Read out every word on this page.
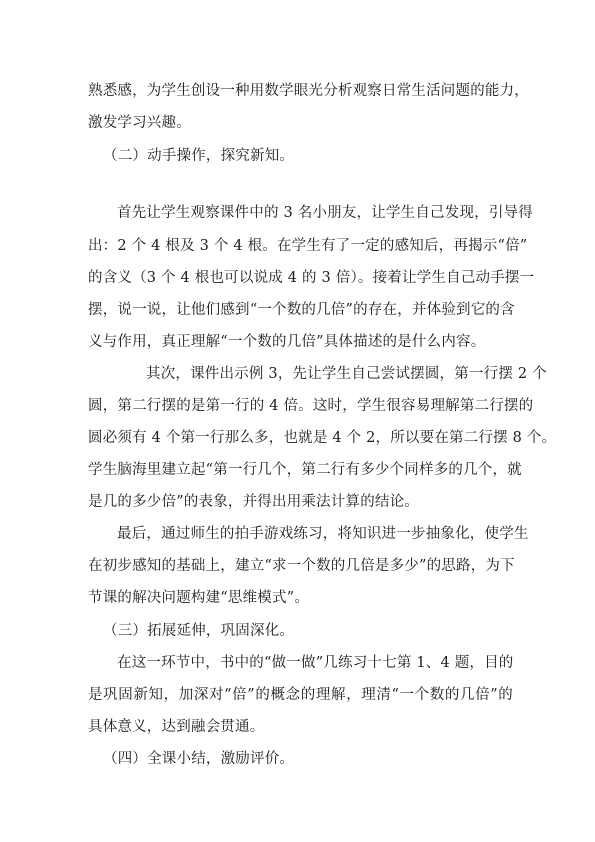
熟悉感，为学生创设一种用数学眼光分析观察日常生活问题的能力，
激发学习兴趣。
（二）动手操作，探究新知。
首先让学生观察课件中的 3 名小朋友，让学生自己发现，引导得
出：2 个 4 根及 3 个 4 根。在学生有了一定的感知后，再揭示“倍”
的含义（3 个 4 根也可以说成 4 的 3 倍）。接着让学生自己动手摆一
摆，说一说，让他们感到“一个数的几倍”的存在，并体验到它的含
义与作用，真正理解“一个数的几倍”具体描述的是什么内容。
其次，课件出示例 3，先让学生自己尝试摆圆，第一行摆 2 个
圆，第二行摆的是第一行的 4 倍。这时，学生很容易理解第二行摆的
圆必须有 4 个第一行那么多，也就是 4 个 2，所以要在第二行摆 8 个。
学生脑海里建立起“第一行几个，第二行有多少个同样多的几个，就
是几的多少倍”的表象，并得出用乘法计算的结论。
最后，通过师生的拍手游戏练习，将知识进一步抽象化，使学生
在初步感知的基础上，建立“求一个数的几倍是多少”的思路，为下
节课的解决问题构建“思维模式”。
（三）拓展延伸，巩固深化。
在这一环节中，书中的“做一做”几练习十七第 1、4 题，目的
是巩固新知，加深对“倍”的概念的理解，理清“一个数的几倍”的
具体意义，达到融会贯通。
（四）全课小结，激励评价。
